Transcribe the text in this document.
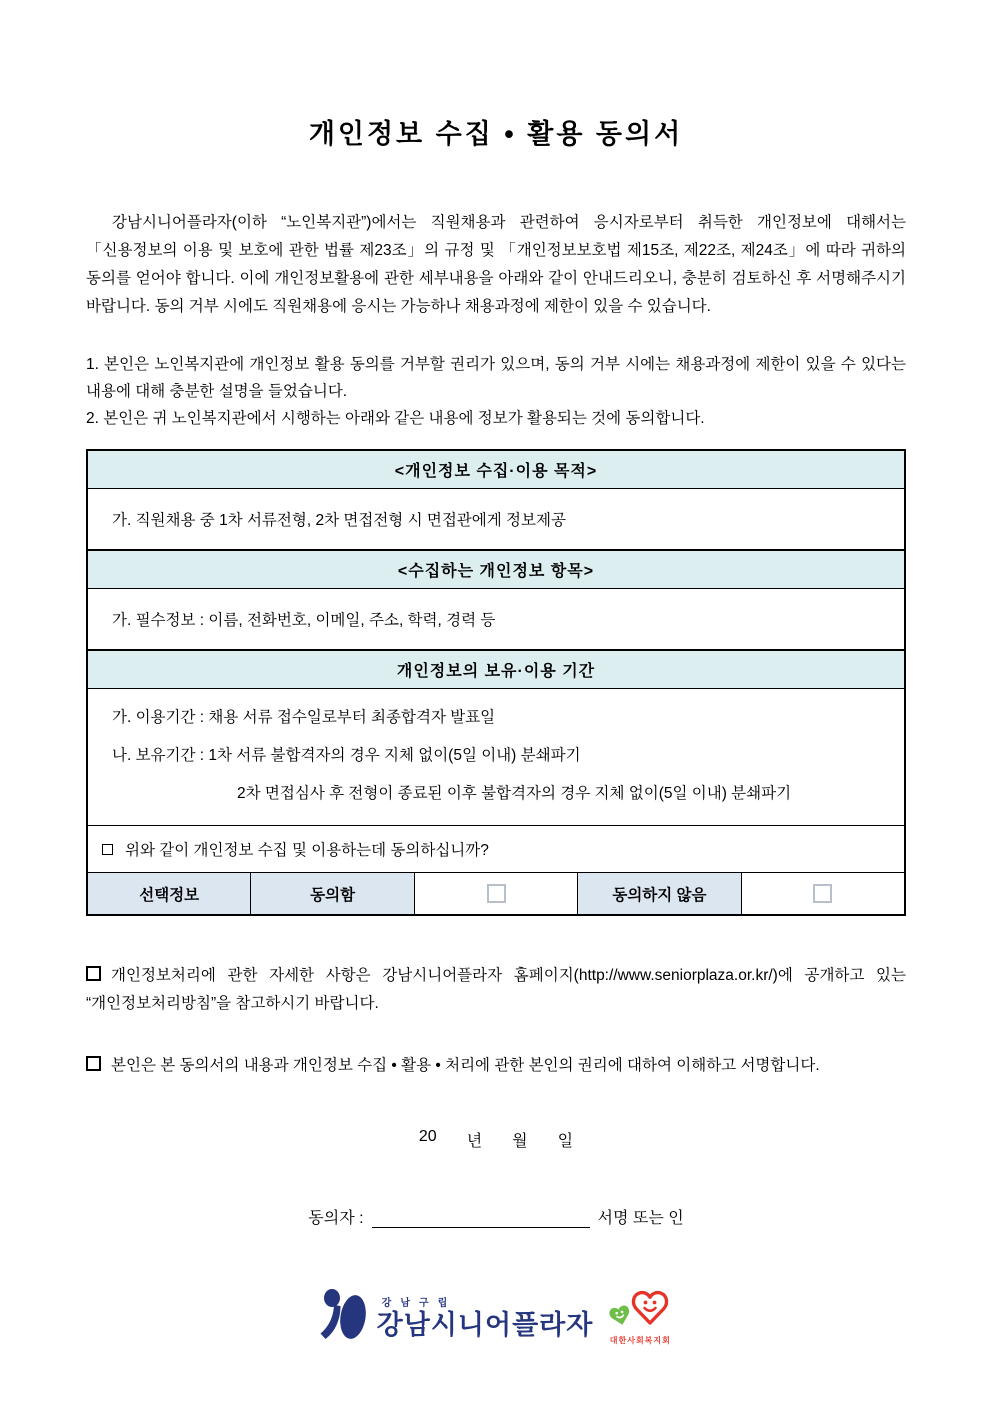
개인정보 수집 • 활용 동의서

강남시니어플라자(이하 “노인복지관”)에서는 직원채용과 관련하여 응시자로부터 취득한 개인정보에 대해서는 「신용정보의 이용 및 보호에 관한 법률 제23조」의 규정 및 「개인정보보호법 제15조, 제22조, 제24조」에 따라 귀하의 동의를 얻어야 합니다. 이에 개인정보활용에 관한 세부내용을 아래와 같이 안내드리오니, 충분히 검토하신 후 서명해주시기 바랍니다. 동의 거부 시에도 직원채용에 응시는 가능하나 채용과정에 제한이 있을 수 있습니다.

1. 본인은 노인복지관에 개인정보 활용 동의를 거부할 권리가 있으며, 동의 거부 시에는 채용과정에 제한이 있을 수 있다는 내용에 대해 충분한 설명을 들었습니다.

2. 본인은 귀 노인복지관에서 시행하는 아래와 같은 내용에 정보가 활용되는 것에 동의합니다.

<개인정보 수집·이용 목적>
가. 직원채용 중 1차 서류전형, 2차 면접전형 시 면접관에게 정보제공
<수집하는 개인정보 항목>
가. 필수정보 : 이름, 전화번호, 이메일, 주소, 학력, 경력 등
개인정보의 보유·이용 기간
가. 이용기간 : 채용 서류 접수일로부터 최종합격자 발표일
나. 보유기간 : 1차 서류 불합격자의 경우 지체 없이(5일 이내) 분쇄파기
2차 면접심사 후 전형이 종료된 이후 불합격자의 경우 지체 없이(5일 이내) 분쇄파기
위와 같이 개인정보 수집 및 이용하는데 동의하십니까?
선택정보	동의함	동의하지 않음

개인정보처리에 관한 자세한 사항은 강남시니어플라자 홈페이지(http://www.seniorplaza.or.kr/)에 공개하고 있는 “개인정보처리방침”을 참고하시기 바랍니다.

본인은 본 동의서의 내용과 개인정보 수집 • 활용 • 처리에 관한 본인의 권리에 대하여 이해하고 서명합니다.

20 년 월 일
동의자 :	서명 또는 인
강남구립
강남시니어플라자
대한사회복지회
